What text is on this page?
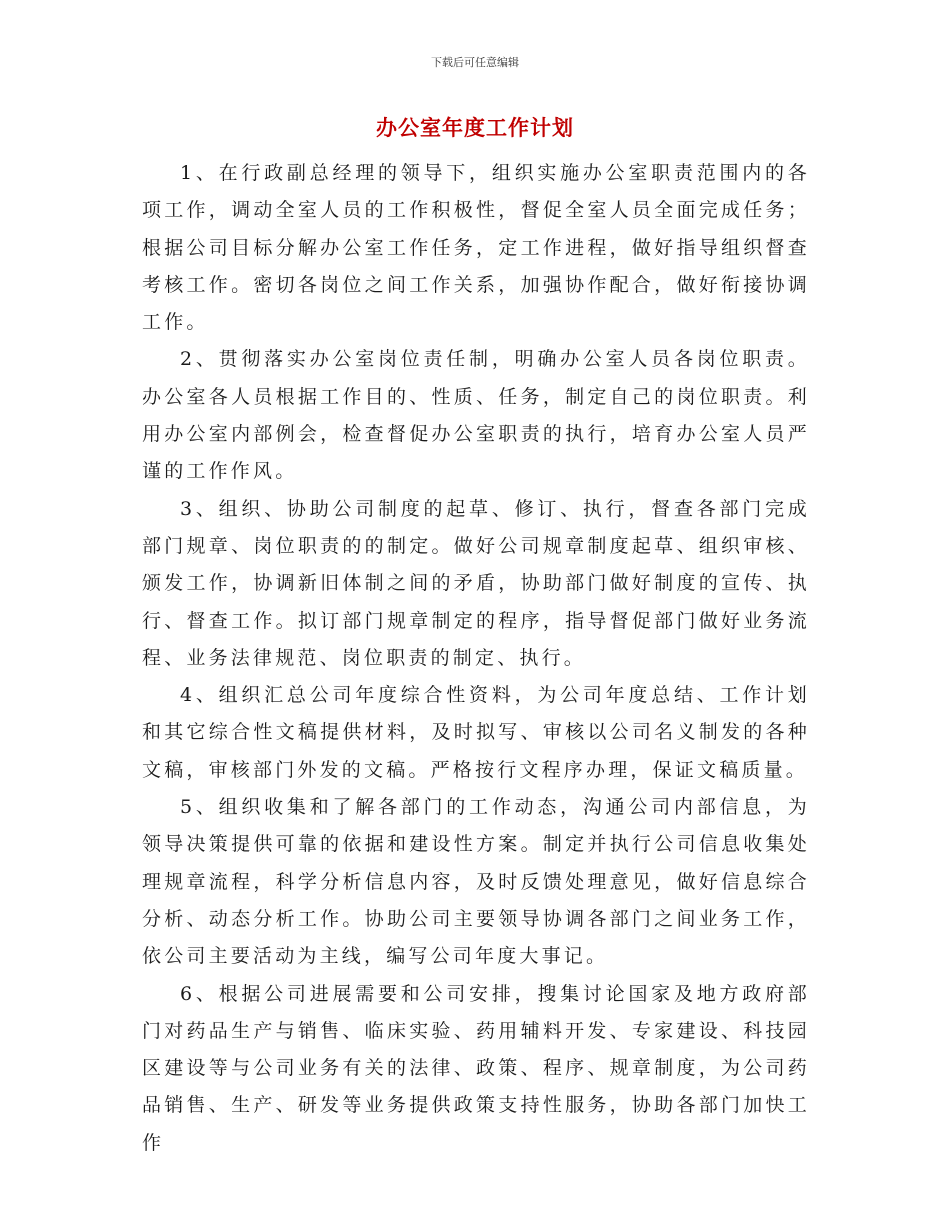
下载后可任意编辑
办公室年度工作计划

1、在行政副总经理的领导下，组织实施办公室职责范围内的各项工作，调动全室人员的工作积极性，督促全室人员全面完成任务；根据公司目标分解办公室工作任务，定工作进程，做好指导组织督查考核工作。密切各岗位之间工作关系，加强协作配合，做好衔接协调工作。

2、贯彻落实办公室岗位责任制，明确办公室人员各岗位职责。办公室各人员根据工作目的、性质、任务，制定自己的岗位职责。利用办公室内部例会，检查督促办公室职责的执行，培育办公室人员严谨的工作作风。

3、组织、协助公司制度的起草、修订、执行，督查各部门完成部门规章、岗位职责的的制定。做好公司规章制度起草、组织审核、颁发工作，协调新旧体制之间的矛盾，协助部门做好制度的宣传、执行、督查工作。拟订部门规章制定的程序，指导督促部门做好业务流程、业务法律规范、岗位职责的制定、执行。

4、组织汇总公司年度综合性资料，为公司年度总结、工作计划和其它综合性文稿提供材料，及时拟写、审核以公司名义制发的各种文稿，审核部门外发的文稿。严格按行文程序办理，保证文稿质量。

5、组织收集和了解各部门的工作动态，沟通公司内部信息，为领导决策提供可靠的依据和建设性方案。制定并执行公司信息收集处理规章流程，科学分析信息内容，及时反馈处理意见，做好信息综合分析、动态分析工作。协助公司主要领导协调各部门之间业务工作，依公司主要活动为主线，编写公司年度大事记。

6、根据公司进展需要和公司安排，搜集讨论国家及地方政府部门对药品生产与销售、临床实验、药用辅料开发、专家建设、科技园区建设等与公司业务有关的法律、政策、程序、规章制度，为公司药品销售、生产、研发等业务提供政策支持性服务，协助各部门加快工作
